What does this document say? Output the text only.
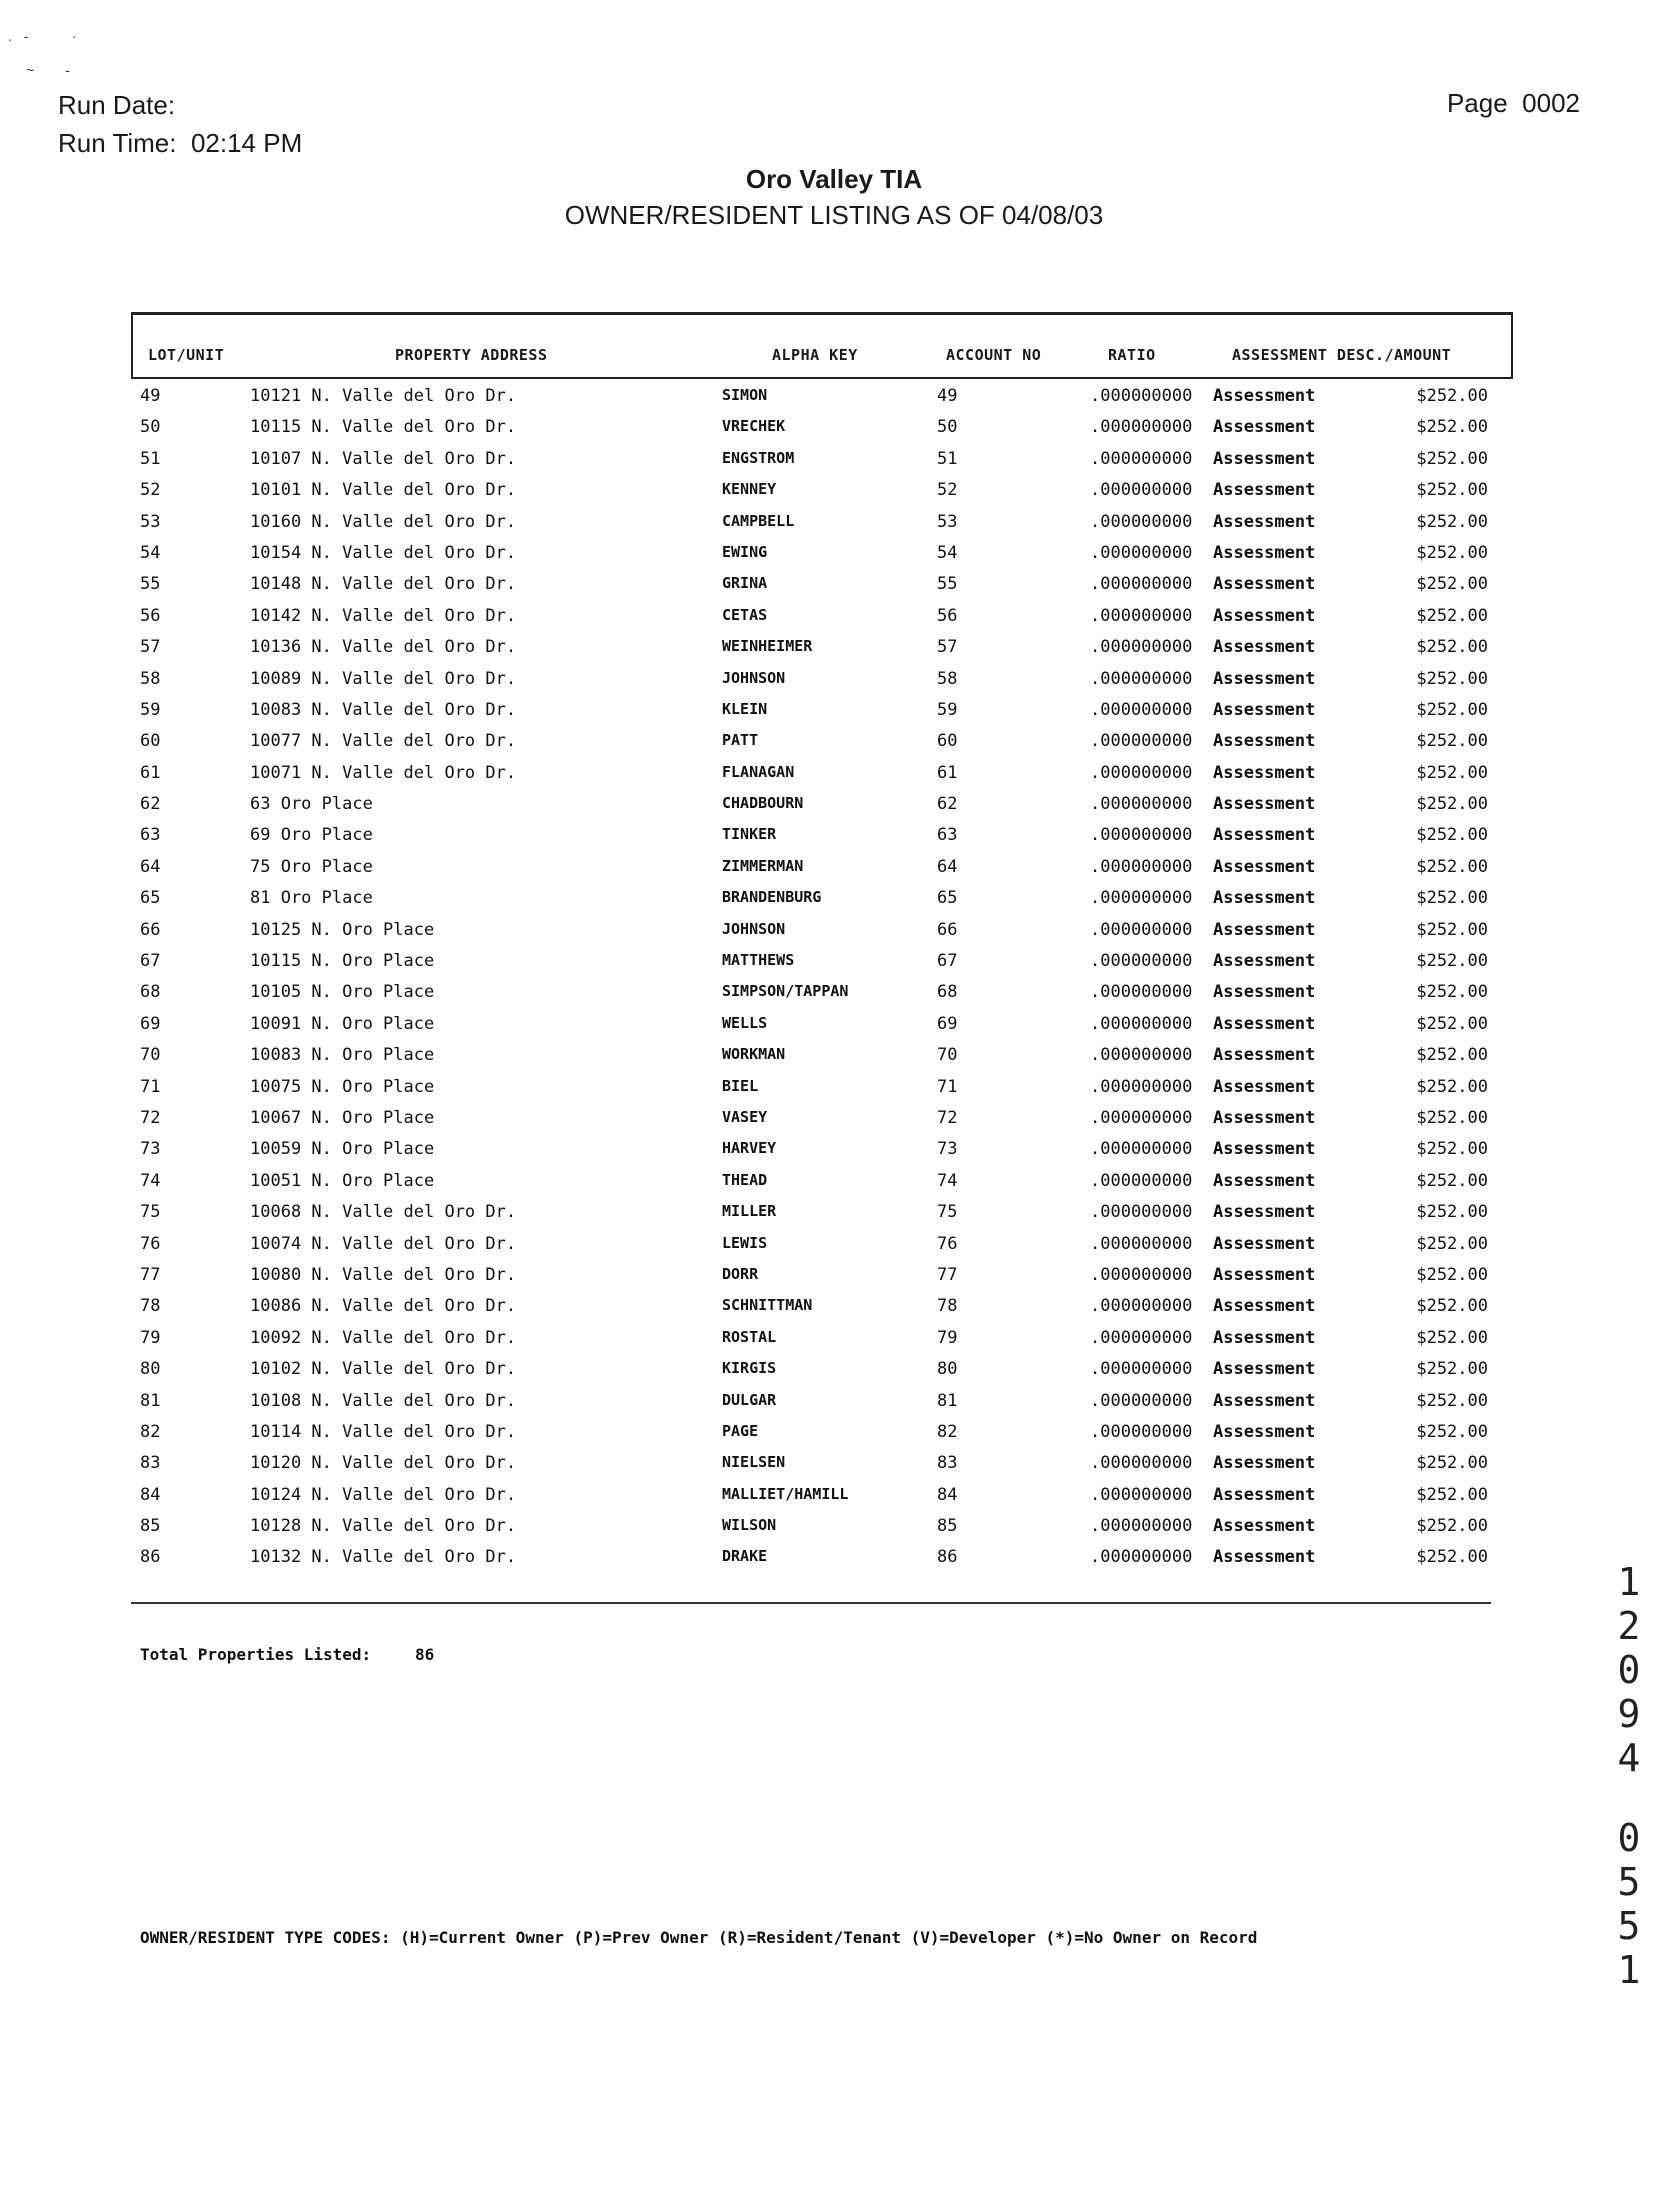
. -     ·
~        -
Run Date:
Run Time: 02:14 PM
Page 0002
Oro Valley TIA
OWNER/RESIDENT LISTING AS OF 04/08/03
LOT/UNIT	PROPERTY ADDRESS	ALPHA KEY	ACCOUNT NO	RATIO	ASSESSMENT DESC./AMOUNT
49	10121 N. Valle del Oro Dr.	SIMON	49	.000000000 Assessment	$252.00
50	10115 N. Valle del Oro Dr.	VRECHEK	50	.000000000 Assessment	$252.00
51	10107 N. Valle del Oro Dr.	ENGSTROM	51	.000000000 Assessment	$252.00
52	10101 N. Valle del Oro Dr.	KENNEY	52	.000000000 Assessment	$252.00
53	10160 N. Valle del Oro Dr.	CAMPBELL	53	.000000000 Assessment	$252.00
54	10154 N. Valle del Oro Dr.	EWING	54	.000000000 Assessment	$252.00
55	10148 N. Valle del Oro Dr.	GRINA	55	.000000000 Assessment	$252.00
56	10142 N. Valle del Oro Dr.	CETAS	56	.000000000 Assessment	$252.00
57	10136 N. Valle del Oro Dr.	WEINHEIMER	57	.000000000 Assessment	$252.00
58	10089 N. Valle del Oro Dr.	JOHNSON	58	.000000000 Assessment	$252.00
59	10083 N. Valle del Oro Dr.	KLEIN	59	.000000000 Assessment	$252.00
60	10077 N. Valle del Oro Dr.	PATT	60	.000000000 Assessment	$252.00
61	10071 N. Valle del Oro Dr.	FLANAGAN	61	.000000000 Assessment	$252.00
62	63 Oro Place	CHADBOURN	62	.000000000 Assessment	$252.00
63	69 Oro Place	TINKER	63	.000000000 Assessment	$252.00
64	75 Oro Place	ZIMMERMAN	64	.000000000 Assessment	$252.00
65	81 Oro Place	BRANDENBURG	65	.000000000 Assessment	$252.00
66	10125 N. Oro Place	JOHNSON	66	.000000000 Assessment	$252.00
67	10115 N. Oro Place	MATTHEWS	67	.000000000 Assessment	$252.00
68	10105 N. Oro Place	SIMPSON/TAPPAN	68	.000000000 Assessment	$252.00
69	10091 N. Oro Place	WELLS	69	.000000000 Assessment	$252.00
70	10083 N. Oro Place	WORKMAN	70	.000000000 Assessment	$252.00
71	10075 N. Oro Place	BIEL	71	.000000000 Assessment	$252.00
72	10067 N. Oro Place	VASEY	72	.000000000 Assessment	$252.00
73	10059 N. Oro Place	HARVEY	73	.000000000 Assessment	$252.00
74	10051 N. Oro Place	THEAD	74	.000000000 Assessment	$252.00
75	10068 N. Valle del Oro Dr.	MILLER	75	.000000000 Assessment	$252.00
76	10074 N. Valle del Oro Dr.	LEWIS	76	.000000000 Assessment	$252.00
77	10080 N. Valle del Oro Dr.	DORR	77	.000000000 Assessment	$252.00
78	10086 N. Valle del Oro Dr.	SCHNITTMAN	78	.000000000 Assessment	$252.00
79	10092 N. Valle del Oro Dr.	ROSTAL	79	.000000000 Assessment	$252.00
80	10102 N. Valle del Oro Dr.	KIRGIS	80	.000000000 Assessment	$252.00
81	10108 N. Valle del Oro Dr.	DULGAR	81	.000000000 Assessment	$252.00
82	10114 N. Valle del Oro Dr.	PAGE	82	.000000000 Assessment	$252.00
83	10120 N. Valle del Oro Dr.	NIELSEN	83	.000000000 Assessment	$252.00
84	10124 N. Valle del Oro Dr.	MALLIET/HAMILL	84	.000000000 Assessment	$252.00
85	10128 N. Valle del Oro Dr.	WILSON	85	.000000000 Assessment	$252.00
86	10132 N. Valle del Oro Dr.	DRAKE	86	.000000000 Assessment	$252.00
Total Properties Listed:	86
OWNER/RESIDENT TYPE CODES: (H)=Current Owner (P)=Prev Owner (R)=Resident/Tenant (V)=Developer (*)=No Owner on Record
1
2
0
9
4
0
5
5
1
